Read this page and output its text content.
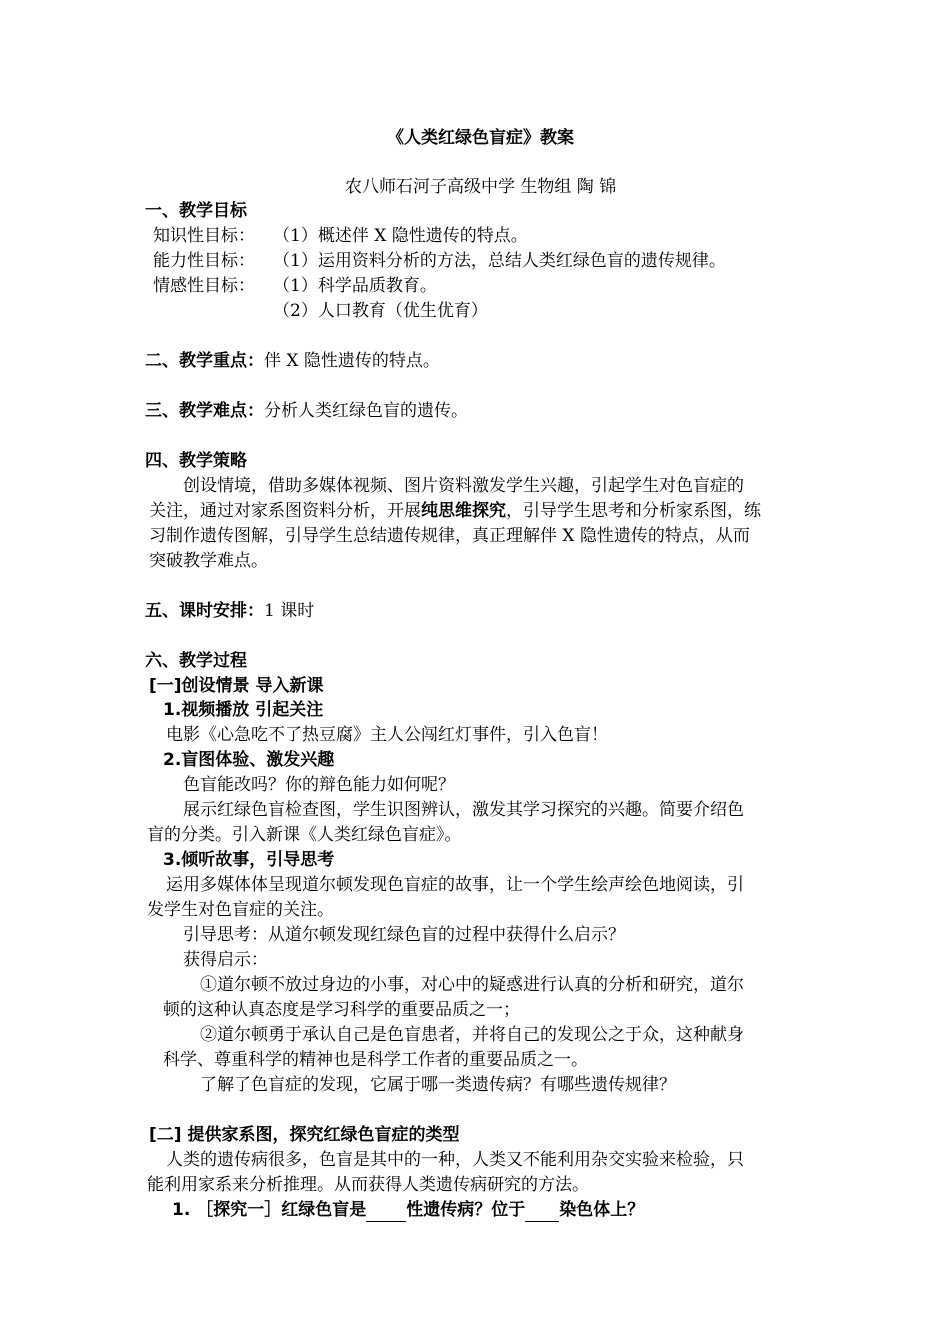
《人类红绿色盲症》教案
农八师石河子高级中学 生物组 陶 锦
一、教学目标
知识性目标： （1）概述伴 X 隐性遗传的特点。
能力性目标： （1）运用资料分析的方法，总结人类红绿色盲的遗传规律。
情感性目标： （1）科学品质教育。
（2）人口教育（优生优育）
二、教学重点：伴 X 隐性遗传的特点。
三、教学难点：分析人类红绿色盲的遗传。
四、教学策略
创设情境，借助多媒体视频、图片资料激发学生兴趣，引起学生对色盲症的
关注，通过对家系图资料分析，开展纯思维探究，引导学生思考和分析家系图，练
习制作遗传图解，引导学生总结遗传规律，真正理解伴 X 隐性遗传的特点，从而
突破教学难点。
五、课时安排：1 课时
六、教学过程
[一]创设情景 导入新课
1.视频播放 引起关注
电影《心急吃不了热豆腐》主人公闯红灯事件，引入色盲！
2.盲图体验、激发兴趣
色盲能改吗？你的辩色能力如何呢？
展示红绿色盲检查图，学生识图辨认，激发其学习探究的兴趣。简要介绍色
盲的分类。引入新课《人类红绿色盲症》。
3.倾听故事，引导思考
运用多媒体体呈现道尔顿发现色盲症的故事，让一个学生绘声绘色地阅读，引
发学生对色盲症的关注。
引导思考：从道尔顿发现红绿色盲的过程中获得什么启示？
获得启示：
①道尔顿不放过身边的小事，对心中的疑惑进行认真的分析和研究，道尔
顿的这种认真态度是学习科学的重要品质之一；
②道尔顿勇于承认自己是色盲患者，并将自己的发现公之于众，这种献身
科学、尊重科学的精神也是科学工作者的重要品质之一。
了解了色盲症的发现，它属于哪一类遗传病？有哪些遗传规律？
[二] 提供家系图，探究红绿色盲症的类型
人类的遗传病很多，色盲是其中的一种，人类又不能利用杂交实验来检验，只
能利用家系来分析推理。从而获得人类遗传病研究的方法。
1. ［探究一］红绿色盲是 性遗传病？位于 染色体上？
